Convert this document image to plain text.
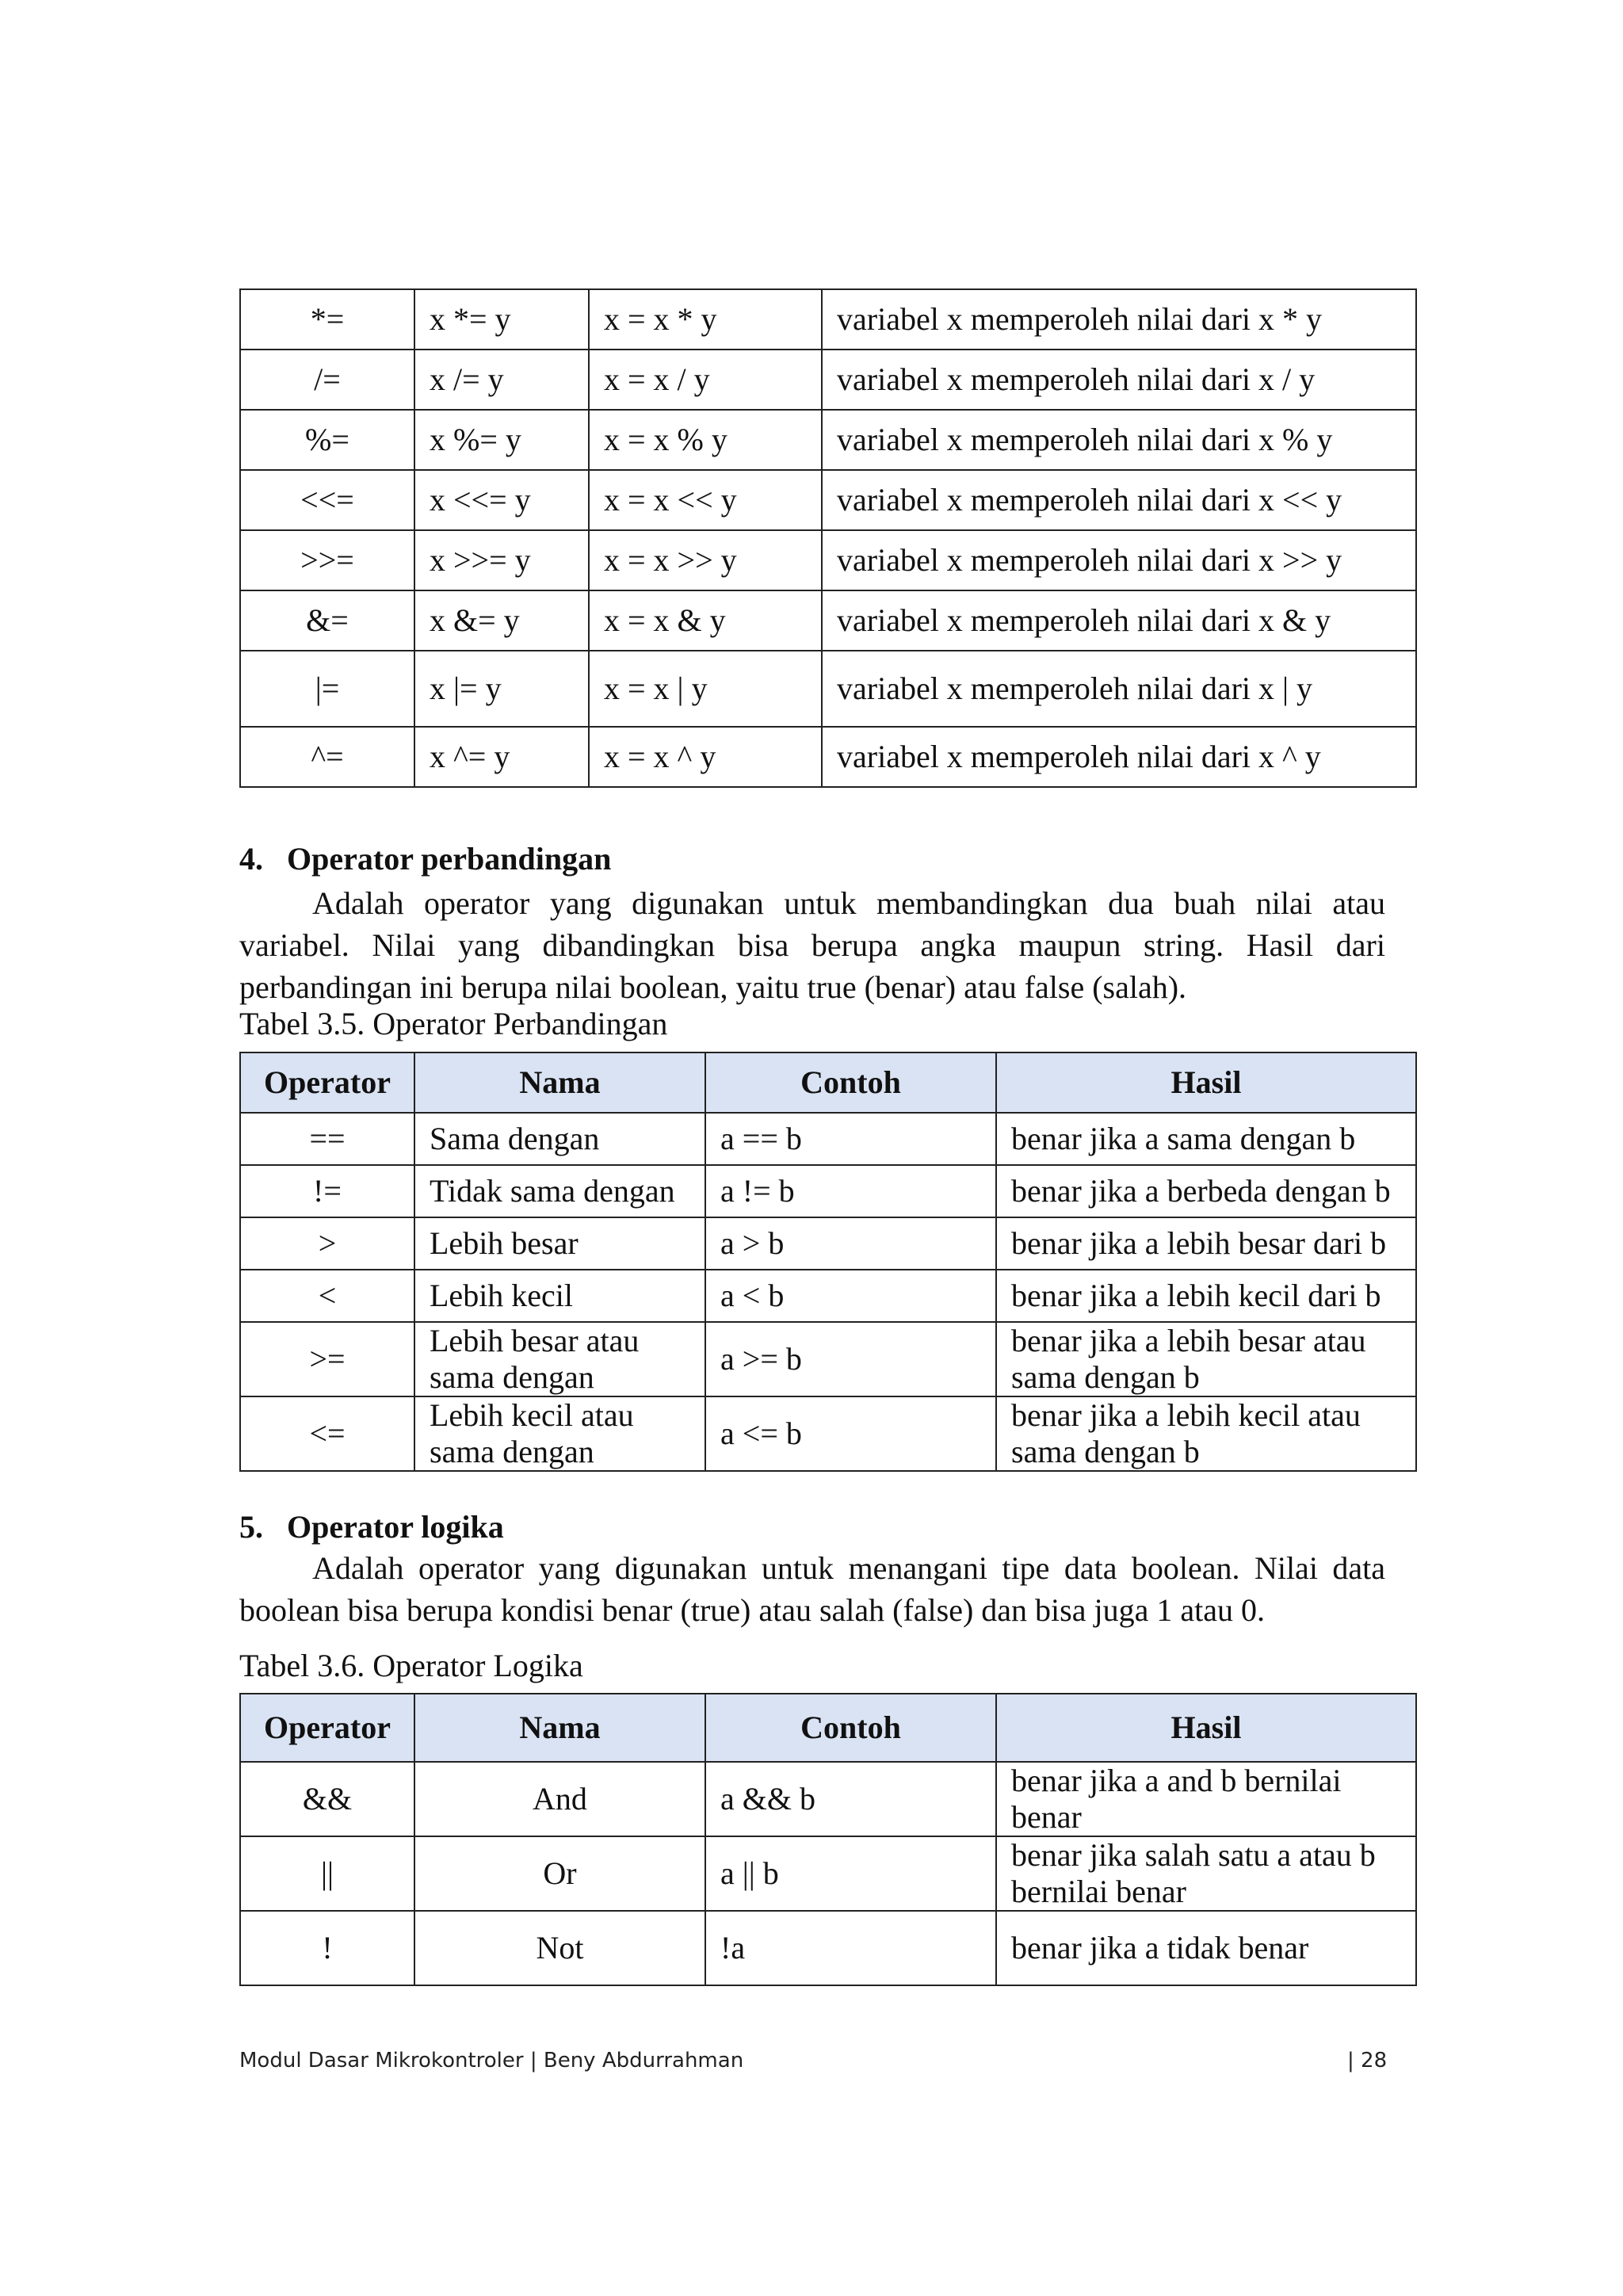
*=	x *= y	x = x * y	variabel x memperoleh nilai dari x * y
/=	x /= y	x = x / y	variabel x memperoleh nilai dari x / y
%=	x %= y	x = x % y	variabel x memperoleh nilai dari x % y
<<=	x <<= y	x = x << y	variabel x memperoleh nilai dari x << y
>>=	x >>= y	x = x >> y	variabel x memperoleh nilai dari x >> y
&=	x &= y	x = x & y	variabel x memperoleh nilai dari x & y
|=	x |= y	x = x | y	variabel x memperoleh nilai dari x | y
^=	x ^= y	x = x ^ y	variabel x memperoleh nilai dari x ^ y
4. Operator perbandingan
Adalah operator yang digunakan untuk membandingkan dua buah nilai atau variabel. Nilai yang dibandingkan bisa berupa angka maupun string. Hasil dari perbandingan ini berupa nilai boolean, yaitu true (benar) atau false (salah).
Tabel 3.5. Operator Perbandingan
Operator	Nama	Contoh	Hasil
==	Sama dengan	a == b	benar jika a sama dengan b
!=	Tidak sama dengan	a != b	benar jika a berbeda dengan b
>	Lebih besar	a > b	benar jika a lebih besar dari b
<	Lebih kecil	a < b	benar jika a lebih kecil dari b
>=	Lebih besar atau sama dengan	a >= b	benar jika a lebih besar atau sama dengan b
<=	Lebih kecil atau sama dengan	a <= b	benar jika a lebih kecil atau sama dengan b
5. Operator logika
Adalah operator yang digunakan untuk menangani tipe data boolean. Nilai data boolean bisa berupa kondisi benar (true) atau salah (false) dan bisa juga 1 atau 0.
Tabel 3.6. Operator Logika
Operator	Nama	Contoh	Hasil
&&	And	a && b	benar jika a and b bernilai benar
||	Or	a || b	benar jika salah satu a atau b bernilai benar
!	Not	!a	benar jika a tidak benar
Modul Dasar Mikrokontroler | Beny Abdurrahman	| 28
